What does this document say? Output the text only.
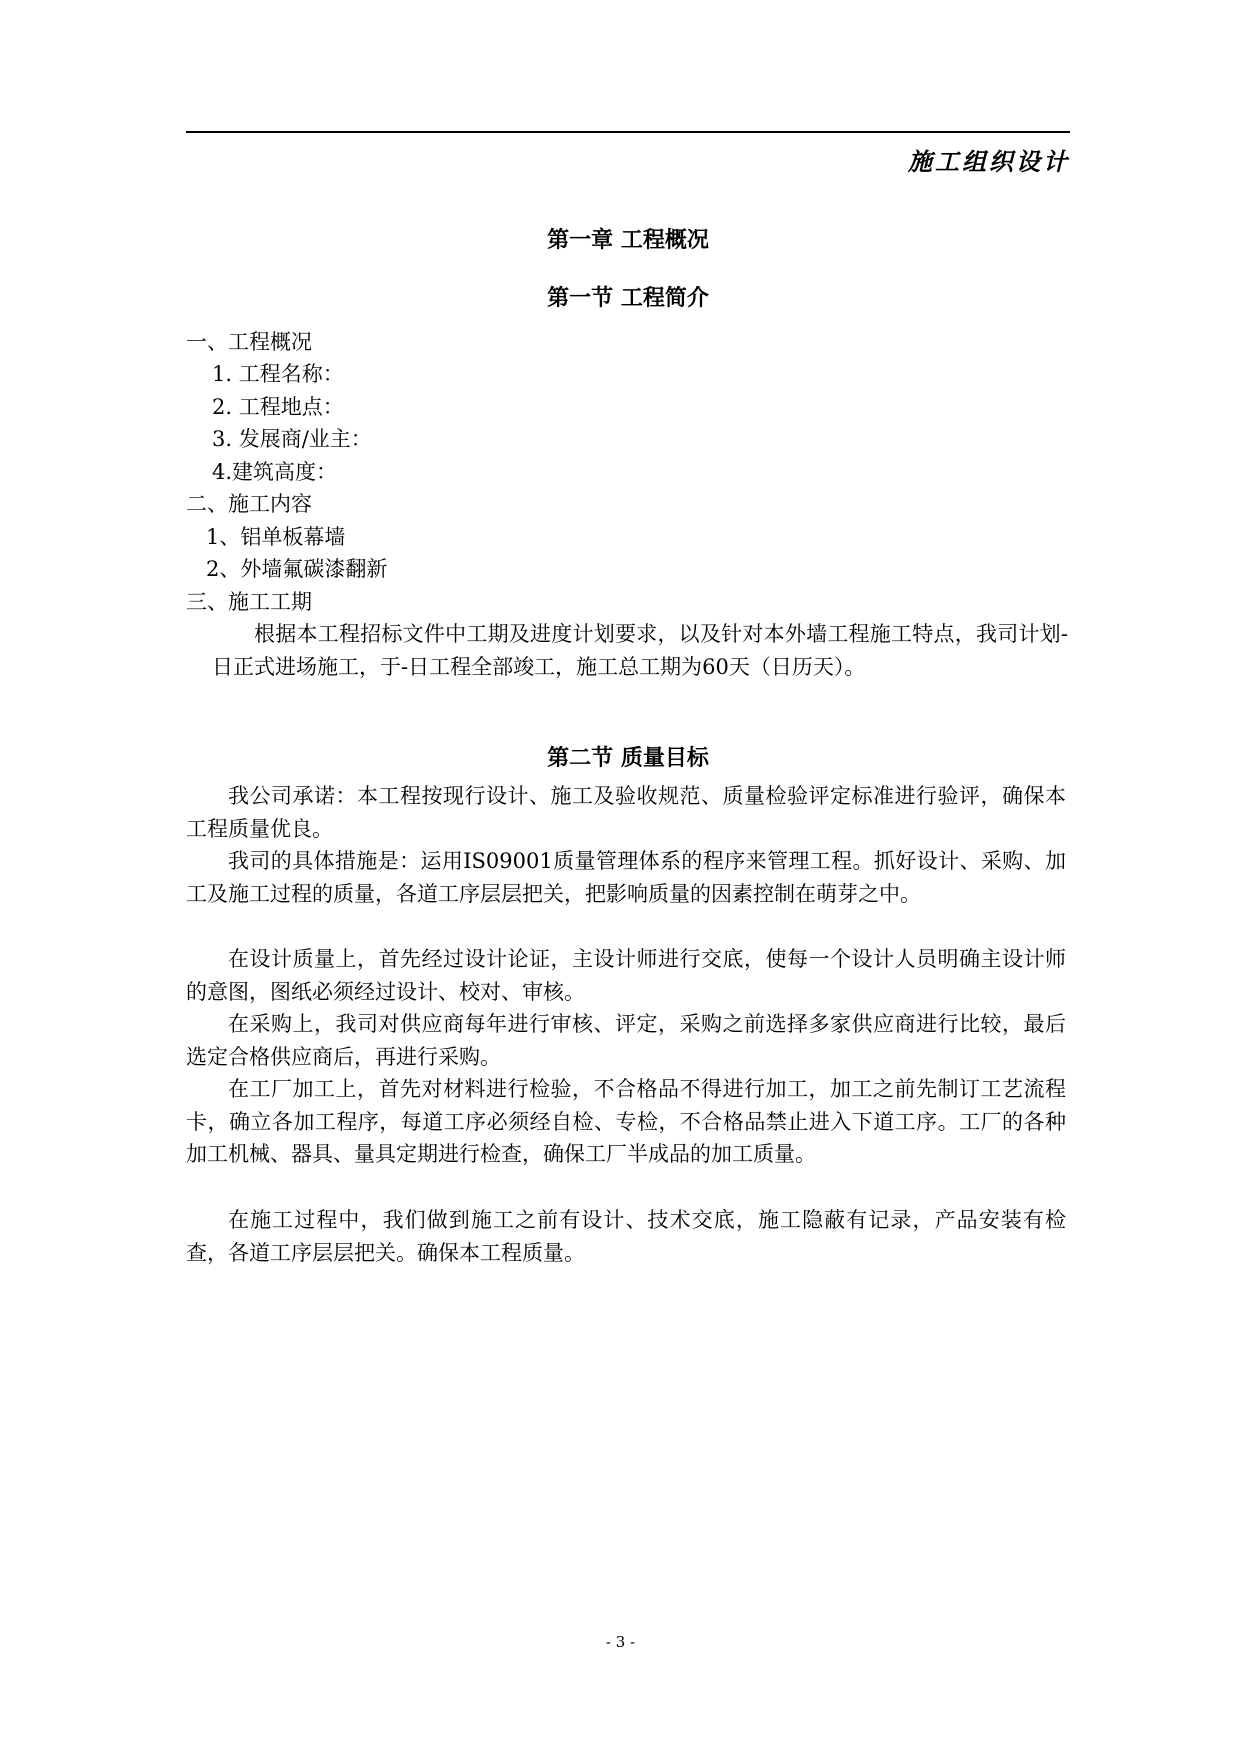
施工组织设计
第一章 工程概况
第一节 工程简介
一、工程概况
1. 工程名称：
2. 工程地点：
3. 发展商/业主：
4.建筑高度：
二、施工内容
1、铝单板幕墙
2、外墙氟碳漆翻新
三、施工工期

根据本工程招标文件中工期及进度计划要求，以及针对本外墙工程施工特点，我司计划-日正式进场施工，于-日工程全部竣工，施工总工期为60天（日历天）。

第二节 质量目标

我公司承诺：本工程按现行设计、施工及验收规范、质量检验评定标准进行验评，确保本工程质量优良。

我司的具体措施是：运用IS09001质量管理体系的程序来管理工程。抓好设计、采购、加工及施工过程的质量，各道工序层层把关，把影响质量的因素控制在萌芽之中。

在设计质量上，首先经过设计论证，主设计师进行交底，使每一个设计人员明确主设计师的意图，图纸必须经过设计、校对、审核。

在采购上，我司对供应商每年进行审核、评定，采购之前选择多家供应商进行比较，最后选定合格供应商后，再进行采购。

在工厂加工上，首先对材料进行检验，不合格品不得进行加工，加工之前先制订工艺流程卡，确立各加工程序，每道工序必须经自检、专检，不合格品禁止进入下道工序。工厂的各种加工机械、器具、量具定期进行检查，确保工厂半成品的加工质量。

在施工过程中，我们做到施工之前有设计、技术交底，施工隐蔽有记录，产品安装有检查，各道工序层层把关。确保本工程质量。

- 3 -
